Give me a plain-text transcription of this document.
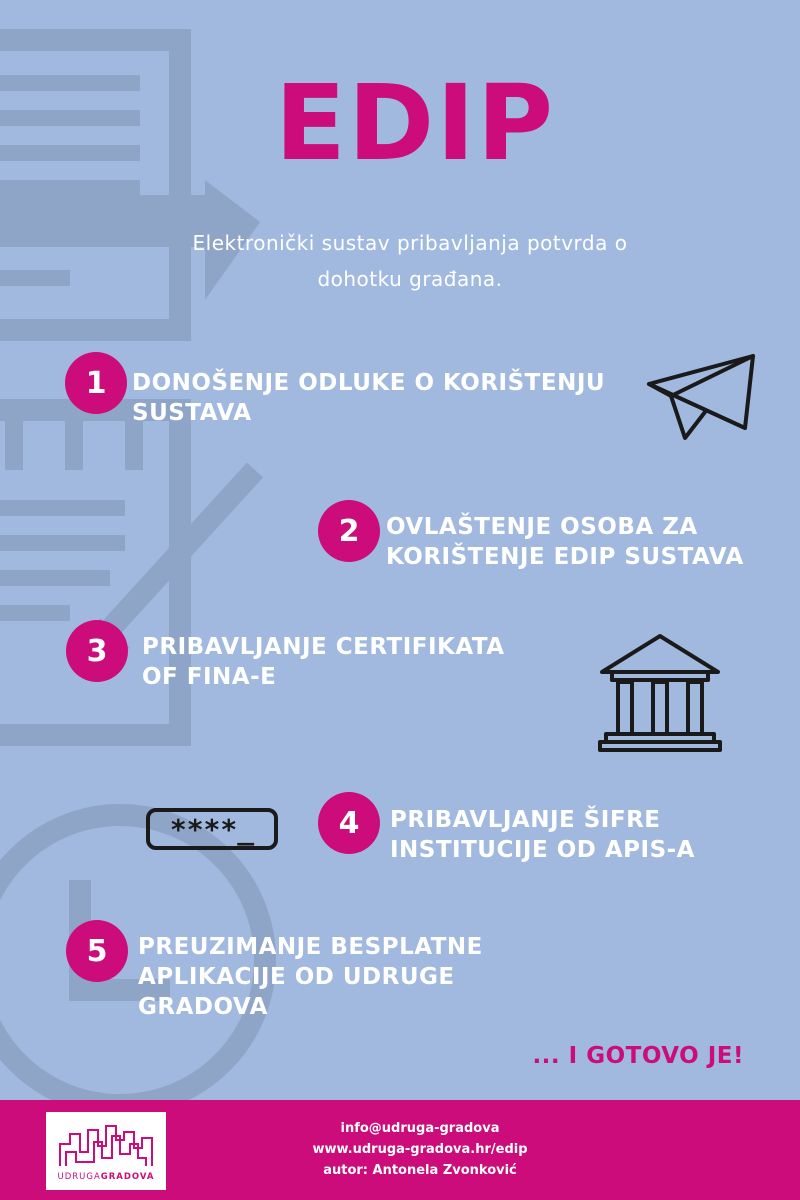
EDIP
Elektronički sustav pribavljanja potvrda o
dohotku građana.
1	DONOŠENJE ODLUKE O KORIŠTENJU
SUSTAVA
2	OVLAŠTENJE OSOBA ZA
KORIŠTENJE EDIP SUSTAVA
3	PRIBAVLJANJE CERTIFIKATA
OF FINA-E
****_	4	PRIBAVLJANJE ŠIFRE
INSTITUCIJE OD APIS-A
5	PREUZIMANJE BESPLATNE
APLIKACIJE OD UDRUGE
GRADOVA
... I GOTOVO JE!
UDRUGAGRADOVA
info@udruga-gradova
www.udruga-gradova.hr/edip
autor: Antonela Zvonković
